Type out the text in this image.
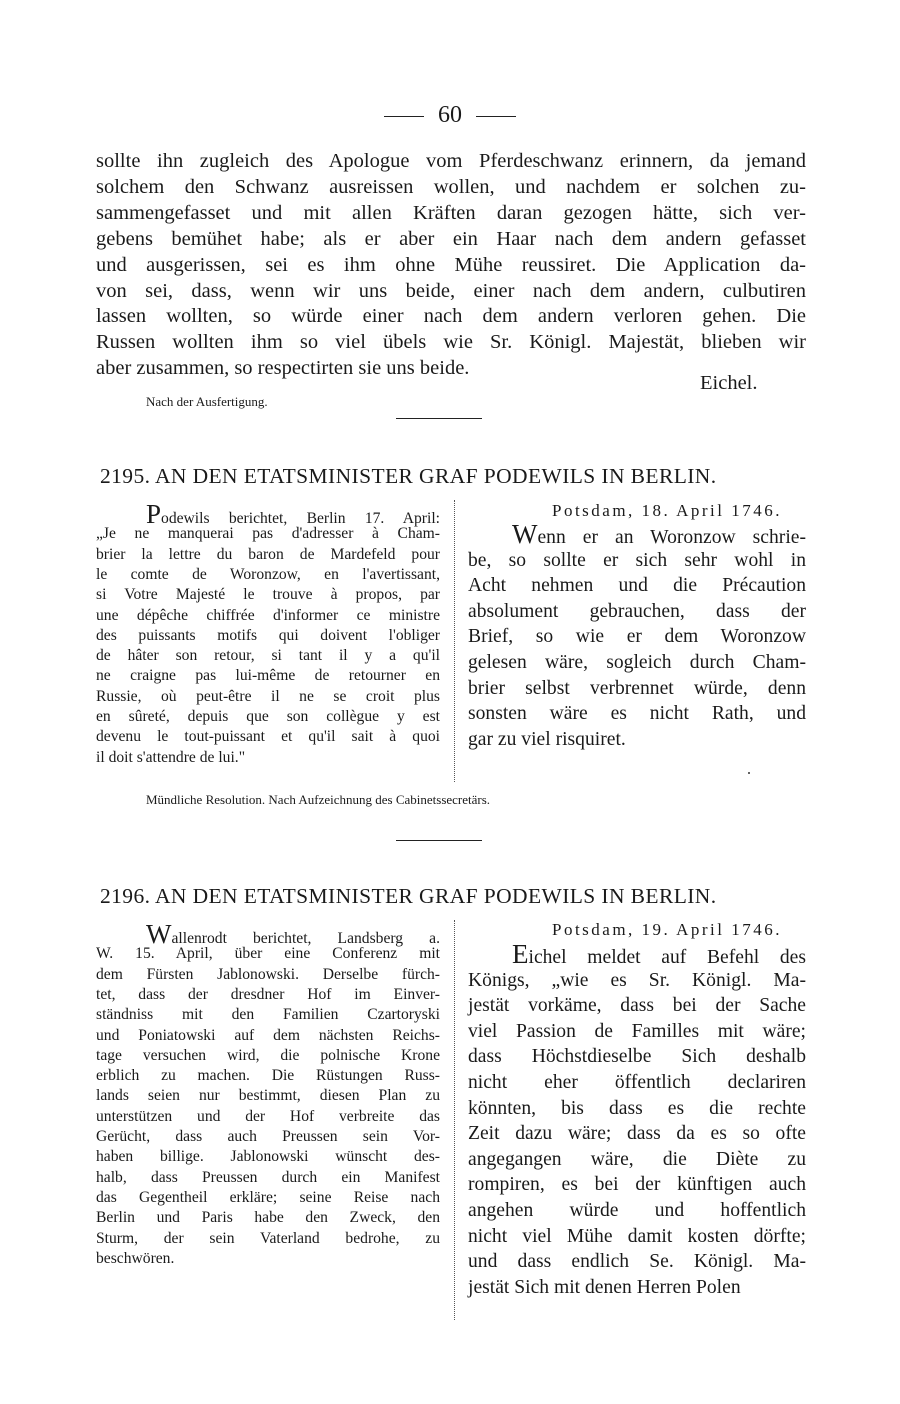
60
sollte ihn zugleich des Apologue vom Pferdeschwanz erinnern, da jemand
solchem den Schwanz ausreissen wollen, und nachdem er solchen zu-
sammengefasset und mit allen Kräften daran gezogen hätte, sich ver-
gebens bemühet habe; als er aber ein Haar nach dem andern gefasset
und ausgerissen, sei es ihm ohne Mühe reussiret. Die Application da-
von sei, dass, wenn wir uns beide, einer nach dem andern, culbutiren
lassen wollten, so würde einer nach dem andern verloren gehen. Die
Russen wollten ihm so viel übels wie Sr. Königl. Majestät, blieben wir
aber zusammen, so respectirten sie uns beide.
Eichel.
Nach der Ausfertigung.
2195. AN DEN ETATSMINISTER GRAF PODEWILS IN BERLIN.
Podewils berichtet, Berlin 17. April:
„Je ne manquerai pas d'adresser à Cham-
brier la lettre du baron de Mardefeld pour
le comte de Woronzow, en l'avertissant,
si Votre Majesté le trouve à propos, par
une dépêche chiffrée d'informer ce ministre
des puissants motifs qui doivent l'obliger
de hâter son retour, si tant il y a qu'il
ne craigne pas lui-même de retourner en
Russie, où peut-être il ne se croit plus
en sûreté, depuis que son collègue y est
devenu le tout-puissant et qu'il sait à quoi
il doit s'attendre de lui."
Potsdam, 18. April 1746.
Wenn er an Woronzow schrie-
be, so sollte er sich sehr wohl in
Acht nehmen und die Précaution
absolument gebrauchen, dass der
Brief, so wie er dem Woronzow
gelesen wäre, sogleich durch Cham-
brier selbst verbrennet würde, denn
sonsten wäre es nicht Rath, und
gar zu viel risquiret.
Mündliche Resolution. Nach Aufzeichnung des Cabinetssecretärs.
2196. AN DEN ETATSMINISTER GRAF PODEWILS IN BERLIN.
Wallenrodt berichtet, Landsberg a.
W. 15. April, über eine Conferenz mit
dem Fürsten Jablonowski. Derselbe fürch-
tet, dass der dresdner Hof im Einver-
ständniss mit den Familien Czartoryski
und Poniatowski auf dem nächsten Reichs-
tage versuchen wird, die polnische Krone
erblich zu machen. Die Rüstungen Russ-
lands seien nur bestimmt, diesen Plan zu
unterstützen und der Hof verbreite das
Gerücht, dass auch Preussen sein Vor-
haben billige. Jablonowski wünscht des-
halb, dass Preussen durch ein Manifest
das Gegentheil erkläre; seine Reise nach
Berlin und Paris habe den Zweck, den
Sturm, der sein Vaterland bedrohe, zu
beschwören.
Potsdam, 19. April 1746.
Eichel meldet auf Befehl des
Königs, „wie es Sr. Königl. Ma-
jestät vorkäme, dass bei der Sache
viel Passion de Familles mit wäre;
dass Höchstdieselbe Sich deshalb
nicht eher öffentlich declariren
könnten, bis dass es die rechte
Zeit dazu wäre; dass da es so ofte
angegangen wäre, die Diète zu
rompiren, es bei der künftigen auch
angehen würde und hoffentlich
nicht viel Mühe damit kosten dörfte;
und dass endlich Se. Königl. Ma-
jestät Sich mit denen Herren Polen
